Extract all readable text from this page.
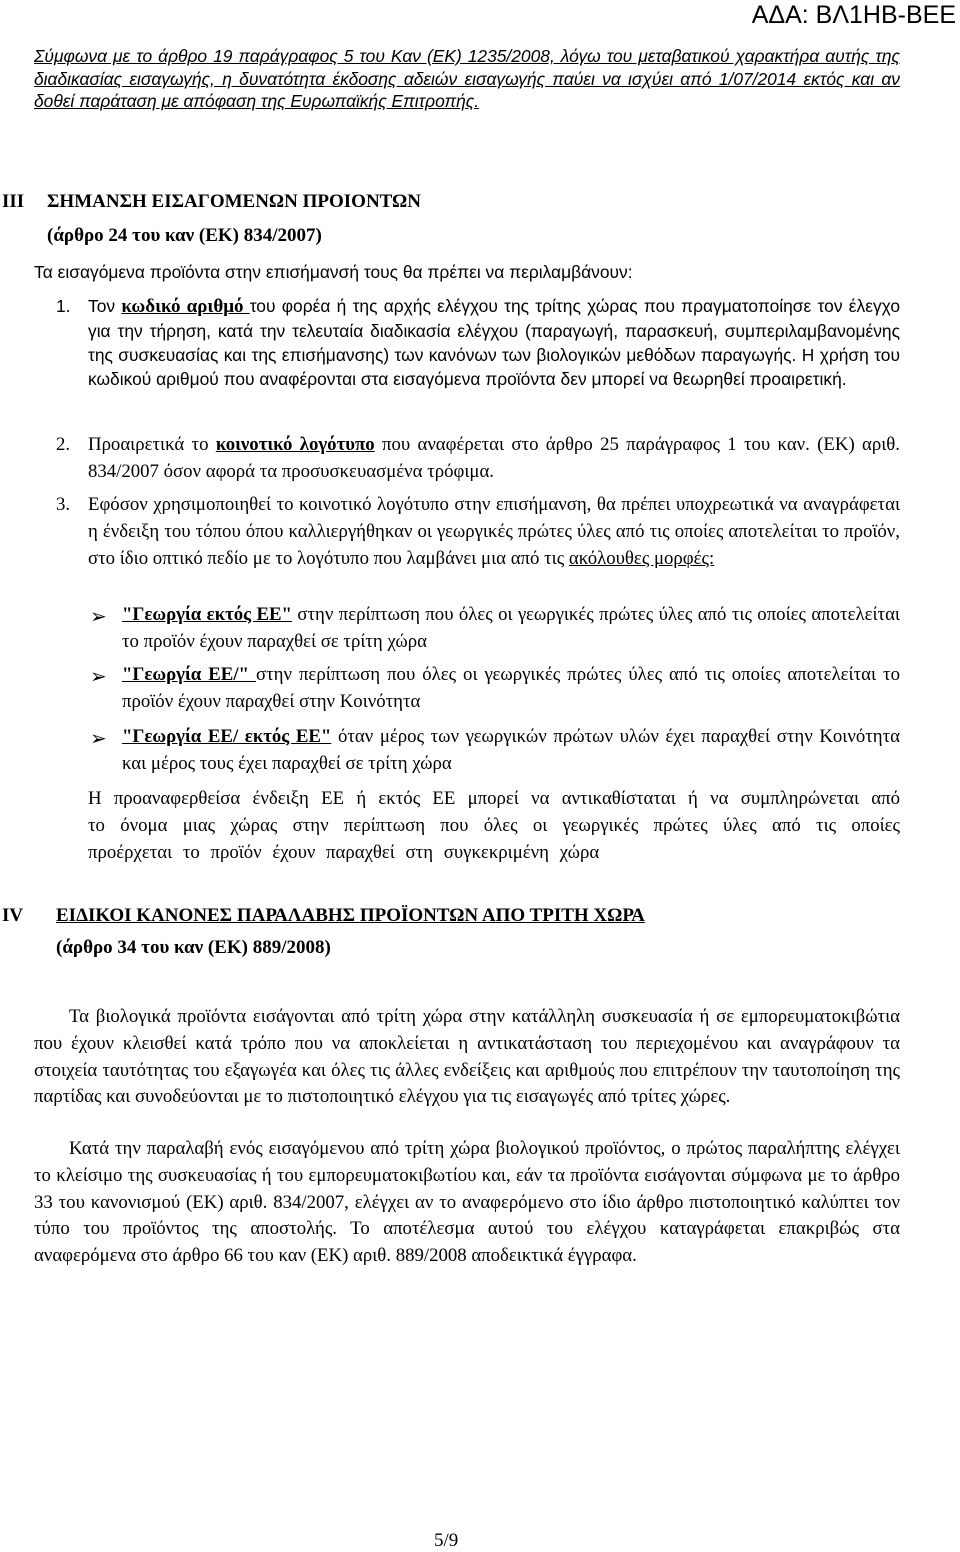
ΑΔΑ: ΒΛ1ΗΒ-ΒΕΕ

Σύμφωνα με το άρθρο 19 παράγραφος 5 του Καν (ΕΚ) 1235/2008, λόγω του μεταβατικού χαρακτήρα αυτής της διαδικασίας εισαγωγής, η δυνατότητα έκδοσης αδειών εισαγωγής παύει να ισχύει από 1/07/2014 εκτός και αν δοθεί παράταση με απόφαση της Ευρωπαϊκής Επιτροπής.

III ΣΗΜΑΝΣΗ ΕΙΣΑΓΟΜΕΝΩΝ ΠΡΟΙΟΝΤΩΝ
(άρθρο 24 του καν (ΕΚ) 834/2007)

Τα εισαγόμενα προϊόντα στην επισήμανσή τους θα πρέπει να περιλαμβάνουν:

1. Τον κωδικό αριθμό του φορέα ή της αρχής ελέγχου της τρίτης χώρας που πραγματοποίησε τον έλεγχο για την τήρηση, κατά την τελευταία διαδικασία ελέγχου (παραγωγή, παρασκευή, συμπεριλαμβανομένης της συσκευασίας και της επισήμανσης) των κανόνων των βιολογικών μεθόδων παραγωγής. Η χρήση του κωδικού αριθμού που αναφέρονται στα εισαγόμενα προϊόντα δεν μπορεί να θεωρηθεί προαιρετική.

2. Προαιρετικά το κοινοτικό λογότυπο που αναφέρεται στο άρθρο 25 παράγραφος 1 του καν. (ΕΚ) αριθ. 834/2007 όσον αφορά τα προσυσκευασμένα τρόφιμα.

3. Εφόσον χρησιμοποιηθεί το κοινοτικό λογότυπο στην επισήμανση, θα πρέπει υποχρεωτικά να αναγράφεται η ένδειξη του τόπου όπου καλλιεργήθηκαν οι γεωργικές πρώτες ύλες από τις οποίες αποτελείται το προϊόν, στο ίδιο οπτικό πεδίο με το λογότυπο που λαμβάνει μια από τις ακόλουθες μορφές:

➢ "Γεωργία εκτός ΕΕ" στην περίπτωση που όλες οι γεωργικές πρώτες ύλες από τις οποίες αποτελείται το προϊόν έχουν παραχθεί σε τρίτη χώρα

➢ "Γεωργία ΕΕ/" στην περίπτωση που όλες οι γεωργικές πρώτες ύλες από τις οποίες αποτελείται το προϊόν έχουν παραχθεί στην Κοινότητα

➢ "Γεωργία ΕΕ/ εκτός ΕΕ" όταν μέρος των γεωργικών πρώτων υλών έχει παραχθεί στην Κοινότητα και μέρος τους έχει παραχθεί σε τρίτη χώρα

Η προαναφερθείσα ένδειξη ΕΕ ή εκτός ΕΕ μπορεί να αντικαθίσταται ή να συμπληρώνεται από το όνομα μιας χώρας στην περίπτωση που όλες οι γεωργικές πρώτες ύλες από τις οποίες προέρχεται το προϊόν έχουν παραχθεί στη συγκεκριμένη χώρα

IV ΕΙΔΙΚΟΙ ΚΑΝΟΝΕΣ ΠΑΡΑΛΑΒΗΣ ΠΡΟΪΟΝΤΩΝ ΑΠΟ ΤΡΙΤΗ ΧΩΡΑ
(άρθρο 34 του καν (ΕΚ) 889/2008)

Τα βιολογικά προϊόντα εισάγονται από τρίτη χώρα στην κατάλληλη συσκευασία ή σε εμπορευματοκιβώτια που έχουν κλεισθεί κατά τρόπο που να αποκλείεται η αντικατάσταση του περιεχομένου και αναγράφουν τα στοιχεία ταυτότητας του εξαγωγέα και όλες τις άλλες ενδείξεις και αριθμούς που επιτρέπουν την ταυτοποίηση της παρτίδας και συνοδεύονται με το πιστοποιητικό ελέγχου για τις εισαγωγές από τρίτες χώρες.

Κατά την παραλαβή ενός εισαγόμενου από τρίτη χώρα βιολογικού προϊόντος, ο πρώτος παραλήπτης ελέγχει το κλείσιμο της συσκευασίας ή του εμπορευματοκιβωτίου και, εάν τα προϊόντα εισάγονται σύμφωνα με το άρθρο 33 του κανονισμού (ΕΚ) αριθ. 834/2007, ελέγχει αν το αναφερόμενο στο ίδιο άρθρο πιστοποιητικό καλύπτει τον τύπο του προϊόντος της αποστολής. Το αποτέλεσμα αυτού του ελέγχου καταγράφεται επακριβώς στα αναφερόμενα στο άρθρο 66 του καν (ΕΚ) αριθ. 889/2008 αποδεικτικά έγγραφα.

5/9
